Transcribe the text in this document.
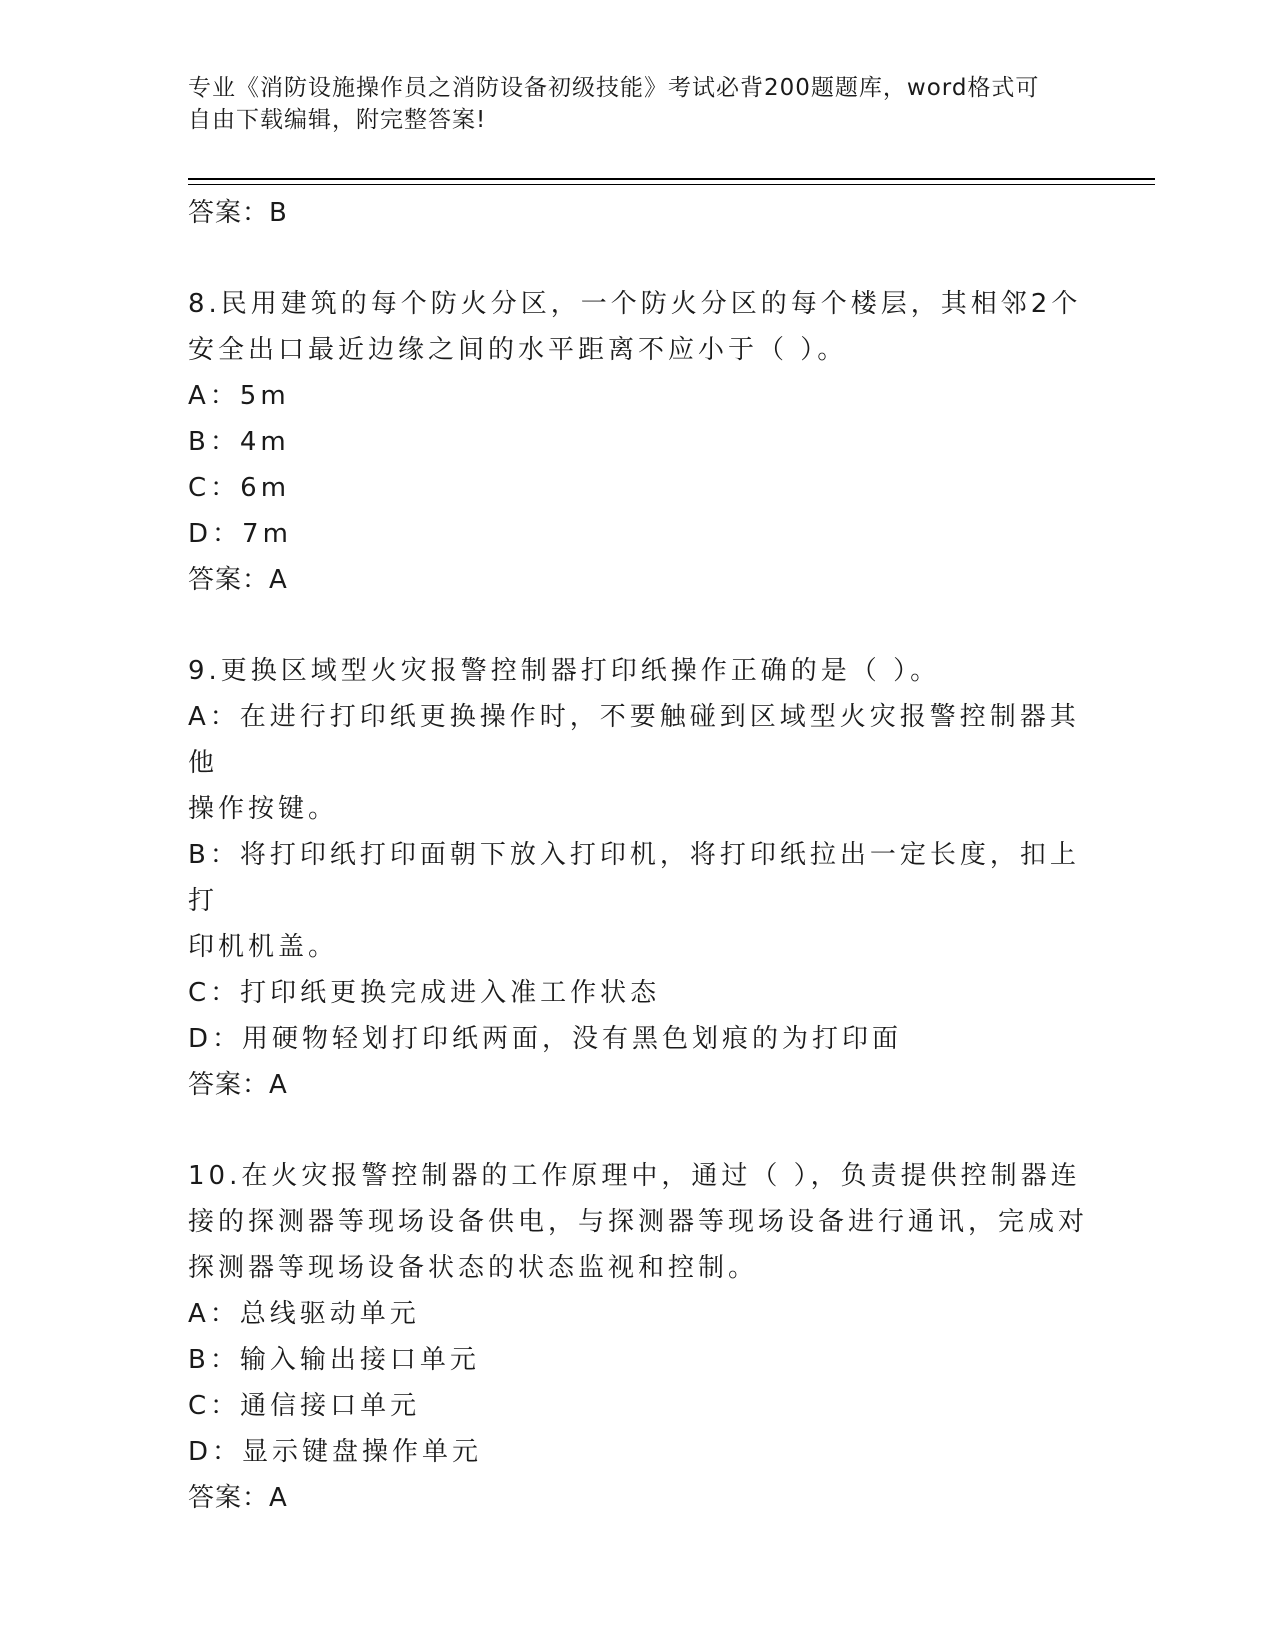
专业《消防设施操作员之消防设备初级技能》考试必背200题题库，word格式可
自由下载编辑，附完整答案!

答案：B

8.民用建筑的每个防火分区，一个防火分区的每个楼层，其相邻2个

安全出口最近边缘之间的水平距离不应小于（ ）。

A：5m

B：4m

C：6m

D：7m

答案：A

9.更换区域型火灾报警控制器打印纸操作正确的是（ ）。

A：在进行打印纸更换操作时，不要触碰到区域型火灾报警控制器其他

操作按键。

B：将打印纸打印面朝下放入打印机，将打印纸拉出一定长度，扣上打

印机机盖。

C：打印纸更换完成进入准工作状态

D：用硬物轻划打印纸两面，没有黑色划痕的为打印面

答案：A

10.在火灾报警控制器的工作原理中，通过（ ），负责提供控制器连

接的探测器等现场设备供电，与探测器等现场设备进行通讯，完成对

探测器等现场设备状态的状态监视和控制。

A：总线驱动单元

B：输入输出接口单元

C：通信接口单元

D：显示键盘操作单元

答案：A
